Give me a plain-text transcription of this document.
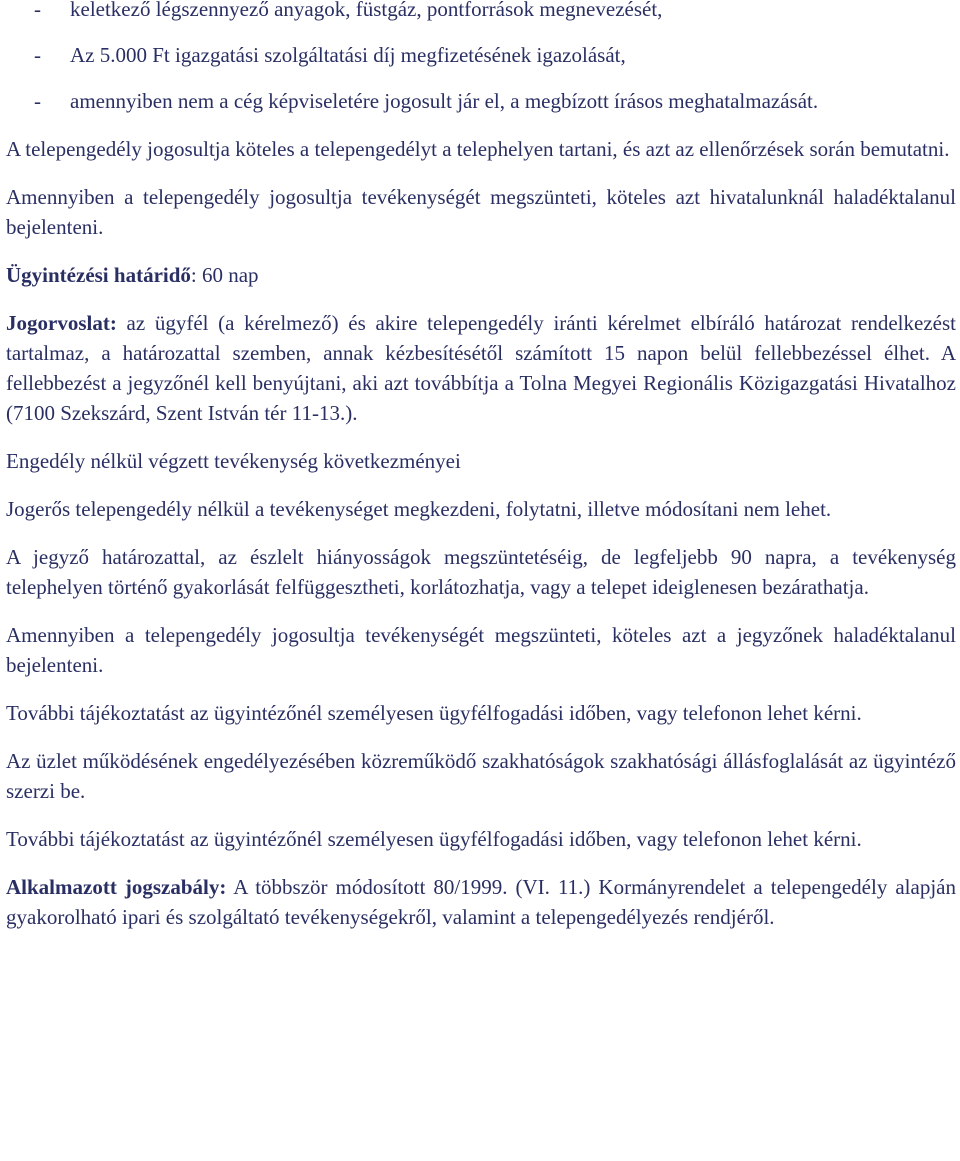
-	keletkező légszennyező anyagok, füstgáz, pontforrások megnevezését,
-	Az 5.000 Ft igazgatási szolgáltatási díj megfizetésének igazolását,
-	amennyiben nem a cég képviseletére jogosult jár el, a megbízott írásos meghatalmazását.

A telepengedély jogosultja köteles a telepengedélyt a telephelyen tartani, és azt az ellenőrzések során bemutatni.

Amennyiben a telepengedély jogosultja tevékenységét megszünteti, köteles azt hivatalunknál haladéktalanul bejelenteni.

Ügyintézési határidő: 60 nap

Jogorvoslat: az ügyfél (a kérelmező) és akire telepengedély iránti kérelmet elbíráló határozat rendelkezést tartalmaz, a határozattal szemben, annak kézbesítésétől számított 15 napon belül fellebbezéssel élhet. A fellebbezést a jegyzőnél kell benyújtani, aki azt továbbítja a Tolna Megyei Regionális Közigazgatási Hivatalhoz (7100 Szekszárd, Szent István tér 11-13.).

Engedély nélkül végzett tevékenység következményei

Jogerős telepengedély nélkül a tevékenységet megkezdeni, folytatni, illetve módosítani nem lehet.

A jegyző határozattal, az észlelt hiányosságok megszüntetéséig, de legfeljebb 90 napra, a tevékenység telephelyen történő gyakorlását felfüggesztheti, korlátozhatja, vagy a telepet ideiglenesen bezárathatja.

Amennyiben a telepengedély jogosultja tevékenységét megszünteti, köteles azt a jegyzőnek haladéktalanul bejelenteni.

További tájékoztatást az ügyintézőnél személyesen ügyfélfogadási időben, vagy telefonon lehet kérni.

Az üzlet működésének engedélyezésében közreműködő szakhatóságok szakhatósági állásfoglalását az ügyintéző szerzi be.

További tájékoztatást az ügyintézőnél személyesen ügyfélfogadási időben, vagy telefonon lehet kérni.

Alkalmazott jogszabály: A többször módosított 80/1999. (VI. 11.) Kormányrendelet a telepengedély alapján gyakorolható ipari és szolgáltató tevékenységekről, valamint a telepengedélyezés rendjéről.
